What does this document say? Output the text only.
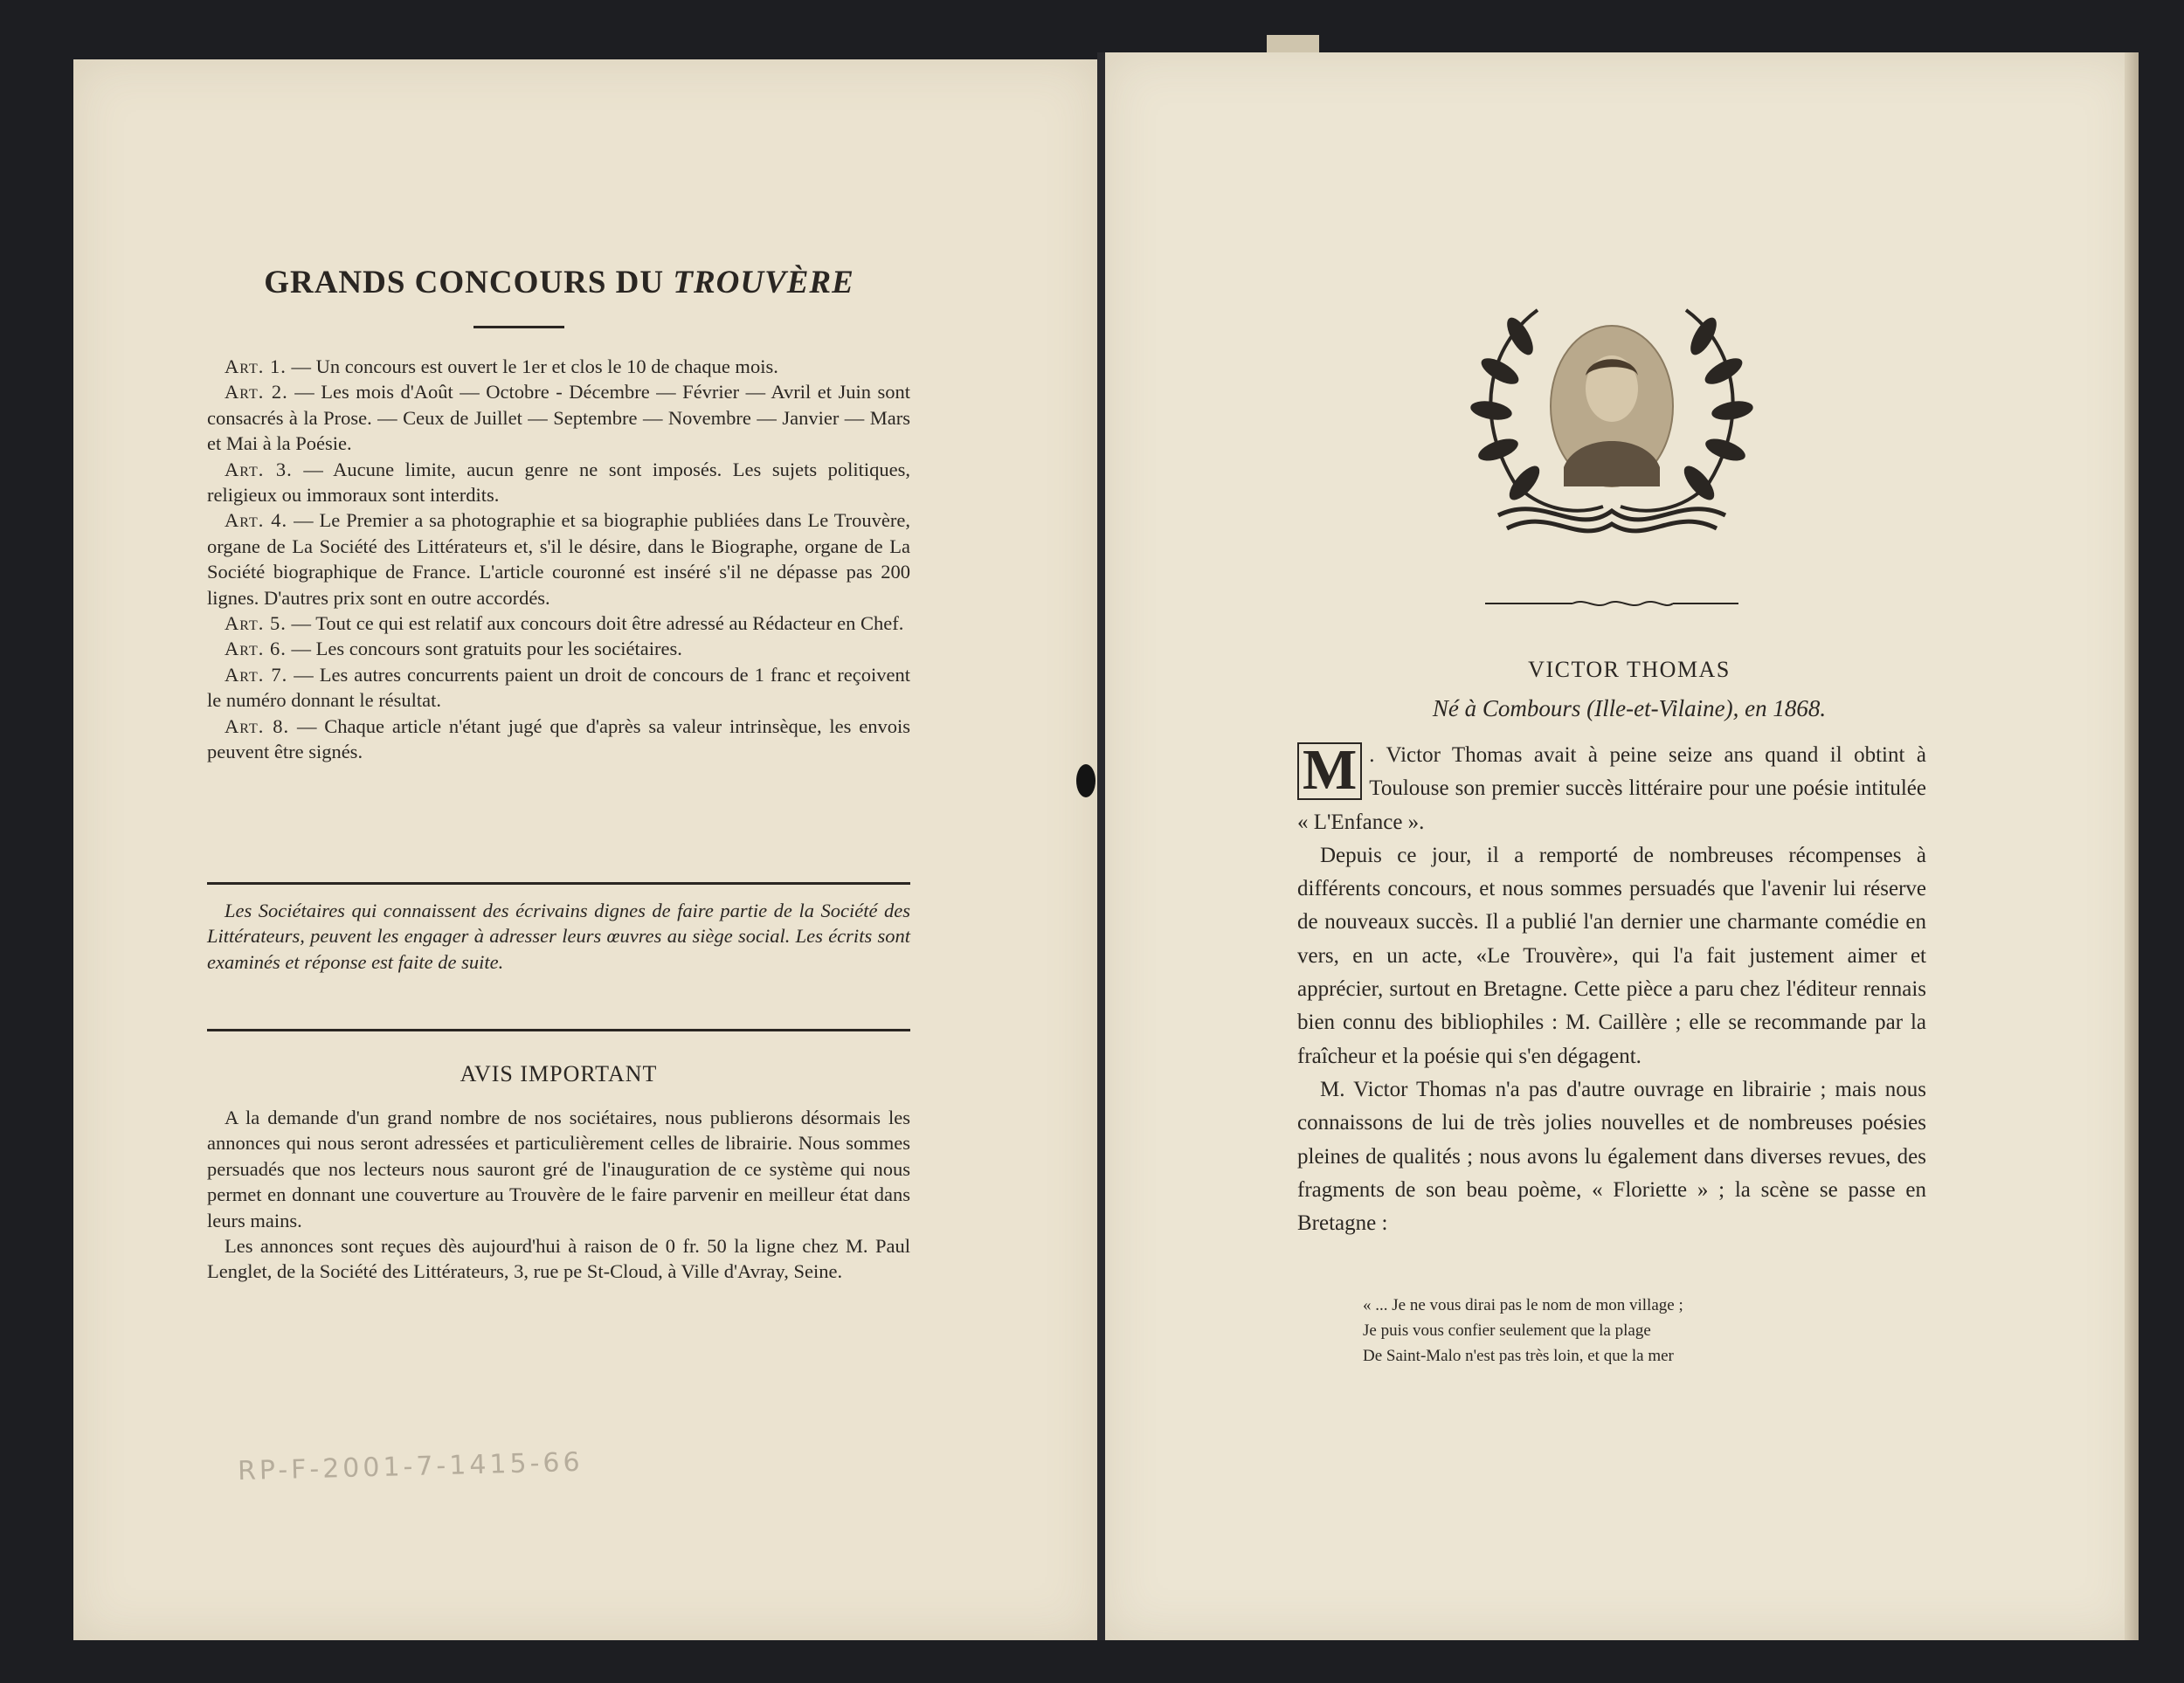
GRANDS CONCOURS DU TROUVÈRE

Art. 1. — Un concours est ouvert le 1er et clos le 10 de chaque mois.

Art. 2. — Les mois d'Août — Octobre - Décembre — Février — Avril et Juin sont consacrés à la Prose. — Ceux de Juillet — Septembre — Novembre — Janvier — Mars et Mai à la Poésie.

Art. 3. — Aucune limite, aucun genre ne sont imposés. Les sujets politiques, religieux ou immoraux sont interdits.

Art. 4. — Le Premier a sa photographie et sa biographie publiées dans Le Trouvère, organe de La Société des Littérateurs et, s'il le désire, dans le Biographe, organe de La Société biographique de France. L'article couronné est inséré s'il ne dépasse pas 200 lignes. D'autres prix sont en outre accordés.

Art. 5. — Tout ce qui est relatif aux concours doit être adressé au Rédacteur en Chef.

Art. 6. — Les concours sont gratuits pour les sociétaires.

Art. 7. — Les autres concurrents paient un droit de concours de 1 franc et reçoivent le numéro donnant le résultat.

Art. 8. — Chaque article n'étant jugé que d'après sa valeur intrinsèque, les envois peuvent être signés.

Les Sociétaires qui connaissent des écrivains dignes de faire partie de la Société des Littérateurs, peuvent les engager à adresser leurs œuvres au siège social. Les écrits sont examinés et réponse est faite de suite.
AVIS IMPORTANT

A la demande d'un grand nombre de nos sociétaires, nous publierons désormais les annonces qui nous seront adressées et particulièrement celles de librairie. Nous sommes persuadés que nos lecteurs nous sauront gré de l'inauguration de ce système qui nous permet en donnant une couverture au Trouvère de le faire parvenir en meilleur état dans leurs mains.

Les annonces sont reçues dès aujourd'hui à raison de 0 fr. 50 la ligne chez M. Paul Lenglet, de la Société des Littérateurs, 3, rue pe St-Cloud, à Ville d'Avray, Seine.

RP-F-2001-7-1415-66
VICTOR THOMAS
Né à Combours (Ille-et-Vilaine), en 1868.

M . Victor Thomas avait à peine seize ans quand il obtint à Toulouse son premier succès littéraire pour une poésie intitulée « L'Enfance ».

Depuis ce jour, il a remporté de nombreuses récompenses à différents concours, et nous sommes persuadés que l'avenir lui réserve de nouveaux succès. Il a publié l'an dernier une charmante comédie en vers, en un acte, «Le Trouvère», qui l'a fait justement aimer et apprécier, surtout en Bretagne. Cette pièce a paru chez l'éditeur rennais bien connu des bibliophiles : M. Caillère ; elle se recommande par la fraîcheur et la poésie qui s'en dégagent.

M. Victor Thomas n'a pas d'autre ouvrage en librairie ; mais nous connaissons de lui de très jolies nouvelles et de nombreuses poésies pleines de qualités ; nous avons lu également dans diverses revues, des fragments de son beau poème, « Floriette » ; la scène se passe en Bretagne :

« ... Je ne vous dirai pas le nom de mon village ;
Je puis vous confier seulement que la plage
De Saint-Malo n'est pas très loin, et que la mer
